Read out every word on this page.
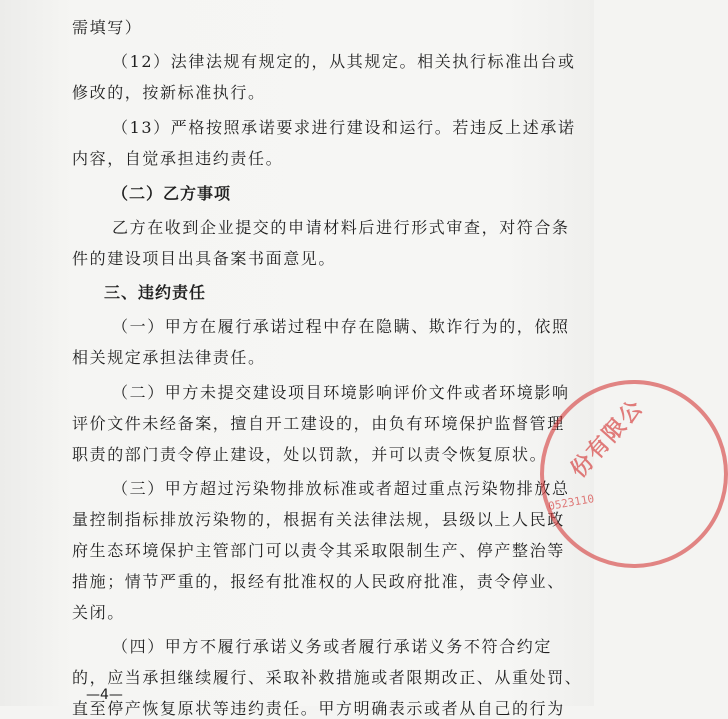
需填写）
（12）法律法规有规定的，从其规定。相关执行标准出台或
修改的，按新标准执行。
（13）严格按照承诺要求进行建设和运行。若违反上述承诺
内容，自觉承担违约责任。
（二）乙方事项
乙方在收到企业提交的申请材料后进行形式审查，对符合条
件的建设项目出具备案书面意见。
三、违约责任
（一）甲方在履行承诺过程中存在隐瞒、欺诈行为的，依照
相关规定承担法律责任。
（二）甲方未提交建设项目环境影响评价文件或者环境影响
评价文件未经备案，擅自开工建设的，由负有环境保护监督管理
职责的部门责令停止建设，处以罚款，并可以责令恢复原状。
（三）甲方超过污染物排放标准或者超过重点污染物排放总
量控制指标排放污染物的，根据有关法律法规，县级以上人民政
府生态环境保护主管部门可以责令其采取限制生产、停产整治等
措施；情节严重的，报经有批准权的人民政府批准，责令停业、
关闭。
（四）甲方不履行承诺义务或者履行承诺义务不符合约定
的，应当承担继续履行、采取补救措施或者限期改正、从重处罚、
直至停产恢复原状等违约责任。甲方明确表示或者从自己的行为
—4—
份有限公
0523110
